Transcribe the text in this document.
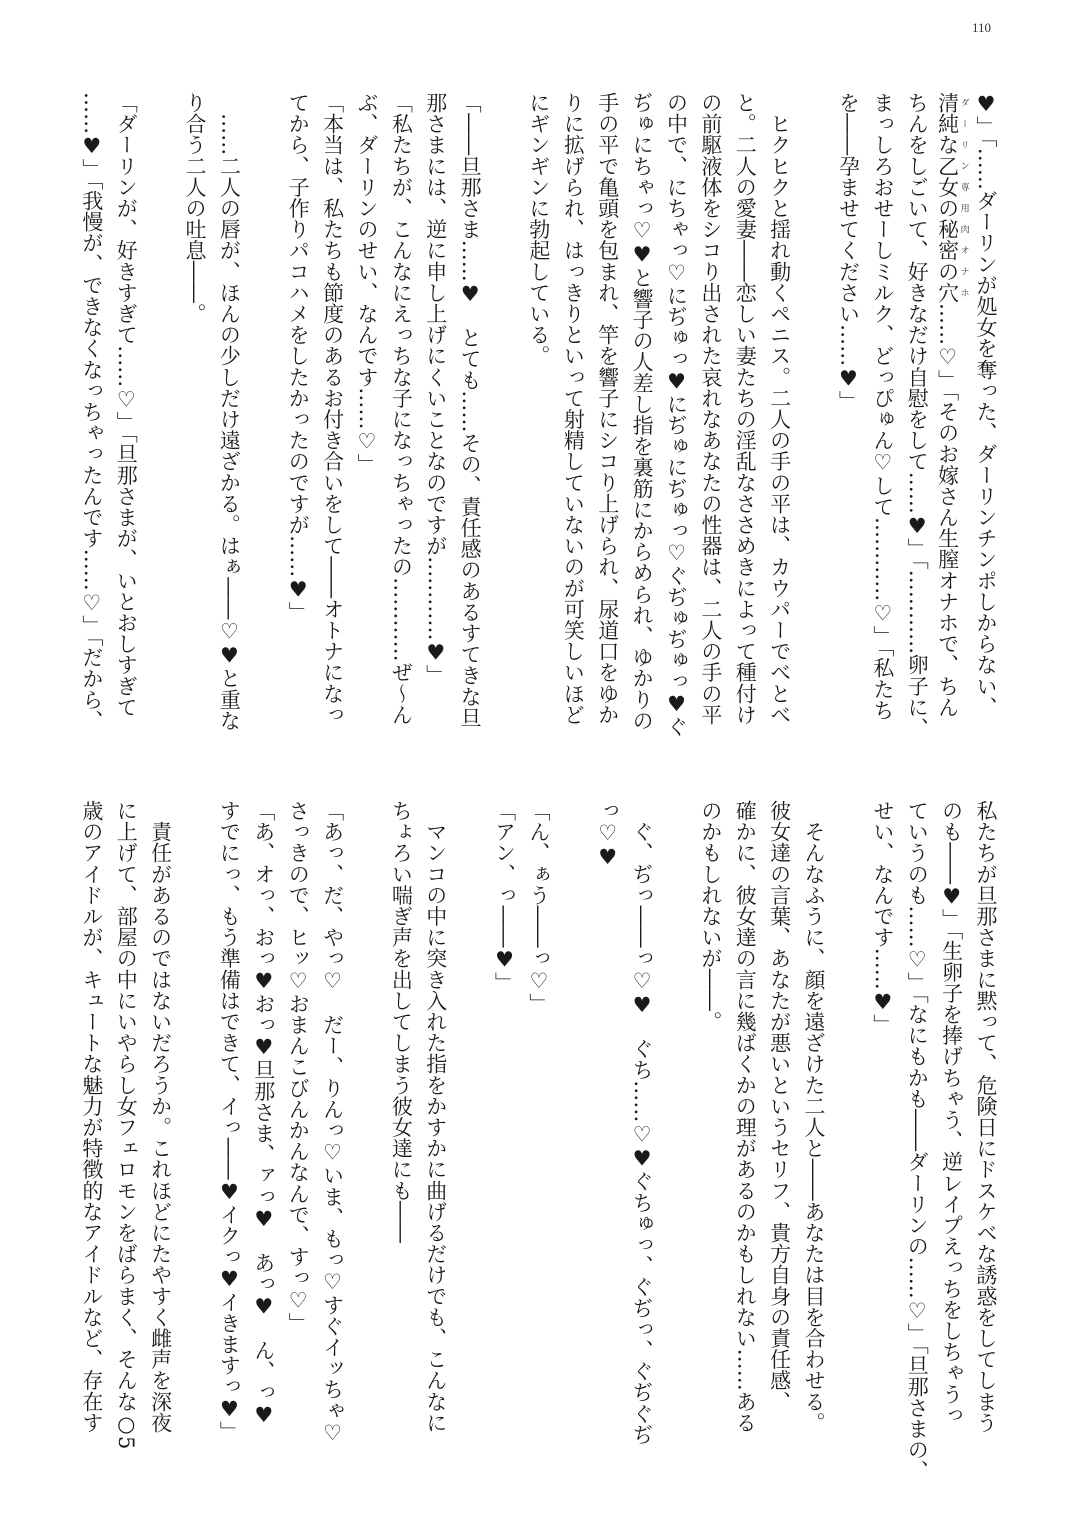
110
♥」「……ダーリンが処女を奪った、ダーリンチンポしからない、
清純な乙女の秘密の穴 ダーリン専用肉オナホ……♡」「そのお嫁さん生膣オナホで、ちん
ちんをしごいて、好きなだけ自慰をして……♥」「…………卵子に、
まっしろおせーしミルク、どっぴゅん♡して…………♡」「私たち
を――孕ませてください……♥」
　ヒクヒクと揺れ動くペニス。二人の手の平は、カウパーでべとべ
と。二人の愛妻――恋しい妻たちの淫乱なささめきによって種付け
の前駆液体をシコり出された哀れなあなたの性器は、二人の手の平
の中で、にちゃっ♡にぢゅっ♥にぢゅにぢゅっ♡ぐぢゅぢゅっ♥ぐ
ぢゅにちゃっ♡♥と響子の人差し指を裏筋にからめられ、ゆかりの
手の平で亀頭を包まれ、竿を響子にシコり上げられ、尿道口をゆか
りに拡げられ、はっきりといって射精していないのが可笑しいほど
にギンギンに勃起している。
「――旦那さま……♥　とても……その、責任感のあるすてきな旦
那さまには、逆に申し上げにくいことなのですが…………♥」
「私たちが、こんなにえっちな子になっちゃったの…………ぜ～ん
ぶ、ダーリンのせい、なんです……♡」
「本当は、私たちも節度のあるお付き合いをして――オトナになっ
てから、子作りパコハメをしたかったのですが……♥」
　……二人の唇が、ほんの少しだけ遠ざかる。はぁ――♡♥と重な
り合う二人の吐息――。
「ダーリンが、好きすぎて……♡」「旦那さまが、いとおしすぎて
……♥」「我慢が、できなくなっちゃったんです……♡」「だから、
私たちが旦那さまに黙って、危険日にドスケベな誘惑をしてしまう
のも――♥」「生卵子を捧げちゃう、逆レイプえっちをしちゃうっ
ていうのも……♡」「なにもかも――ダーリンの……♡」「旦那さまの、
せい、なんです……♥」
　そんなふうに、顔を遠ざけた二人と――あなたは目を合わせる。
彼女達の言葉、あなたが悪いというセリフ、貴方自身の責任感、
確かに、彼女達の言に幾ばくかの理があるのかもしれない……ある
のかもしれないが――。
　ぐ、ぢっ――っ♡♥　ぐち……♡♥ぐちゅっ、ぐぢっ、ぐぢぐぢ
っ♡♥
「ん、ぁう――っ♡」
「アン、っ――♥」
　マンコの中に突き入れた指をかすかに曲げるだけでも、こんなに
ちょろい喘ぎ声を出してしまう彼女達にも――
「あっ、だ、やっ♡　だー、りんっ♡いま、もっ♡すぐイッちゃ♡
さっきので、ヒッ♡おまんこびんかんなんで、すっ♡」
「あ、オっ、おっ♥おっ♥旦那さま、ァっ♥　あっ♥　ん、っ♥
すでにっ、もう準備はできて、イっ――♥イクっ♥イきますっ♥」
　責任があるのではないだろうか。これほどにたやすく雌声を深夜
に上げて、部屋の中にいやらし女フェロモンをばらまく、そんな○5
歳のアイドルが、キュートな魅力が特徴的なアイドルなど、存在す
